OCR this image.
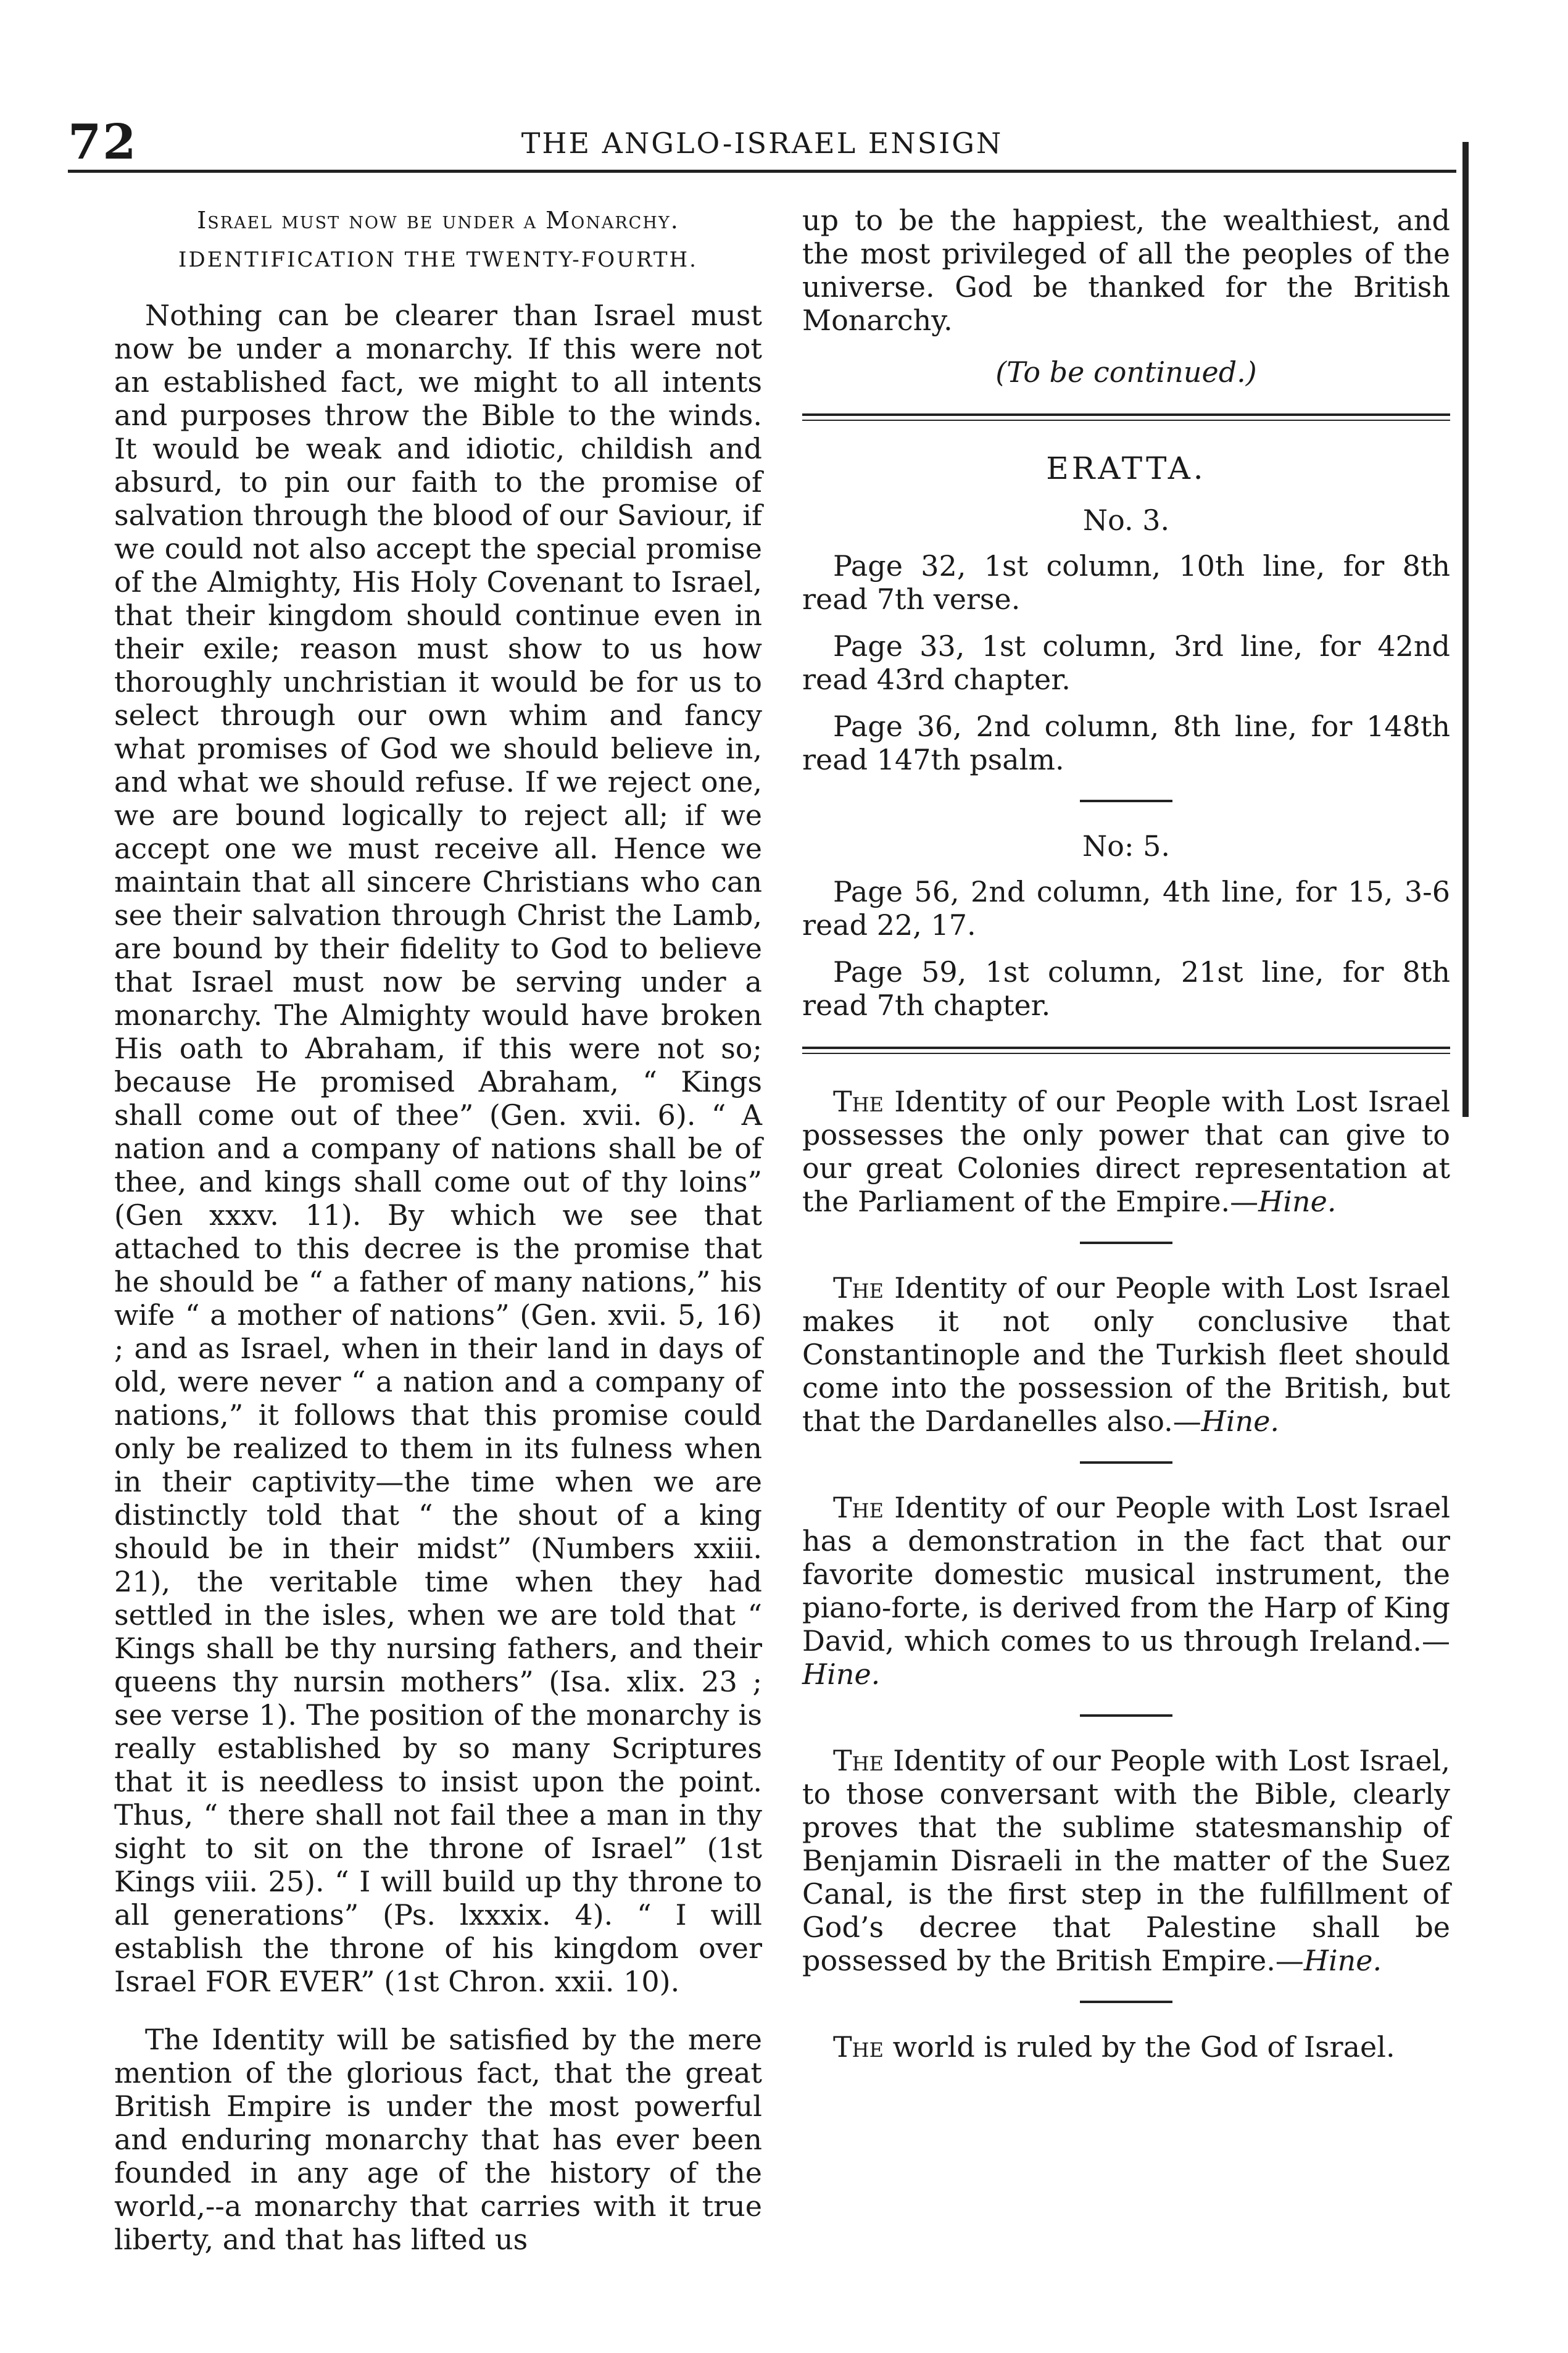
72	THE ANGLO-ISRAEL ENSIGN
Israel must now be under a Monarchy.
IDENTIFICATION THE TWENTY-FOURTH.

Nothing can be clearer than Israel must now be under a monarchy. If this were not an established fact, we might to all intents and purposes throw the Bible to the winds. It would be weak and idiotic, childish and absurd, to pin our faith to the promise of salvation through the blood of our Saviour, if we could not also accept the special promise of the Almighty, His Holy Covenant to Israel, that their kingdom should continue even in their exile; reason must show to us how thoroughly unchristian it would be for us to select through our own whim and fancy what promises of God we should believe in, and what we should refuse. If we reject one, we are bound logically to reject all; if we accept one we must receive all. Hence we maintain that all sincere Christians who can see their salvation through Christ the Lamb, are bound by their fidelity to God to believe that Israel must now be serving under a monarchy. The Almighty would have broken His oath to Abraham, if this were not so; because He promised Abraham, “ Kings shall come out of thee” (Gen. xvii. 6). “ A nation and a company of nations shall be of thee, and kings shall come out of thy loins” (Gen xxxv. 11). By which we see that attached to this decree is the promise that he should be “ a father of many nations,” his wife “ a mother of nations” (Gen. xvii. 5, 16) ; and as Israel, when in their land in days of old, were never “ a nation and a company of nations,” it follows that this promise could only be realized to them in its fulness when in their captivity—the time when we are distinctly told that “ the shout of a king should be in their midst” (Numbers xxiii. 21), the veritable time when they had settled in the isles, when we are told that “ Kings shall be thy nursing fathers, and their queens thy nursin mothers” (Isa. xlix. 23 ; see verse 1). The position of the monarchy is really established by so many Scriptures that it is needless to insist upon the point. Thus, “ there shall not fail thee a man in thy sight to sit on the throne of Israel” (1st Kings viii. 25). “ I will build up thy throne to all generations” (Ps. lxxxix. 4). “ I will establish the throne of his kingdom over Israel FOR EVER” (1st Chron. xxii. 10).

The Identity will be satisfied by the mere mention of the glorious fact, that the great British Empire is under the most powerful and enduring monarchy that has ever been founded in any age of the history of the world,--a monarchy that carries with it true liberty, and that has lifted us

up to be the happiest, the wealthiest, and the most privileged of all the peoples of the universe. God be thanked for the British Monarchy.

(To be continued.)

ERATTA.
No. 3.

Page 32, 1st column, 10th line, for 8th read 7th verse.

Page 33, 1st column, 3rd line, for 42nd read 43rd chapter.

Page 36, 2nd column, 8th line, for 148th read 147th psalm.

No: 5.

Page 56, 2nd column, 4th line, for 15, 3-6 read 22, 17.

Page 59, 1st column, 21st line, for 8th read 7th chapter.

The Identity of our People with Lost Israel possesses the only power that can give to our great Colonies direct representation at the Parliament of the Empire.—Hine.

The Identity of our People with Lost Israel makes it not only conclusive that Constantinople and the Turkish fleet should come into the possession of the British, but that the Dardanelles also.—Hine.

The Identity of our People with Lost Israel has a demonstration in the fact that our favorite domestic musical instrument, the piano-forte, is derived from the Harp of King David, which comes to us through Ireland.—Hine.

The Identity of our People with Lost Israel, to those conversant with the Bible, clearly proves that the sublime statesmanship of Benjamin Disraeli in the matter of the Suez Canal, is the first step in the fulfillment of God’s decree that Palestine shall be possessed by the British Empire.—Hine.

The world is ruled by the God of Israel.
